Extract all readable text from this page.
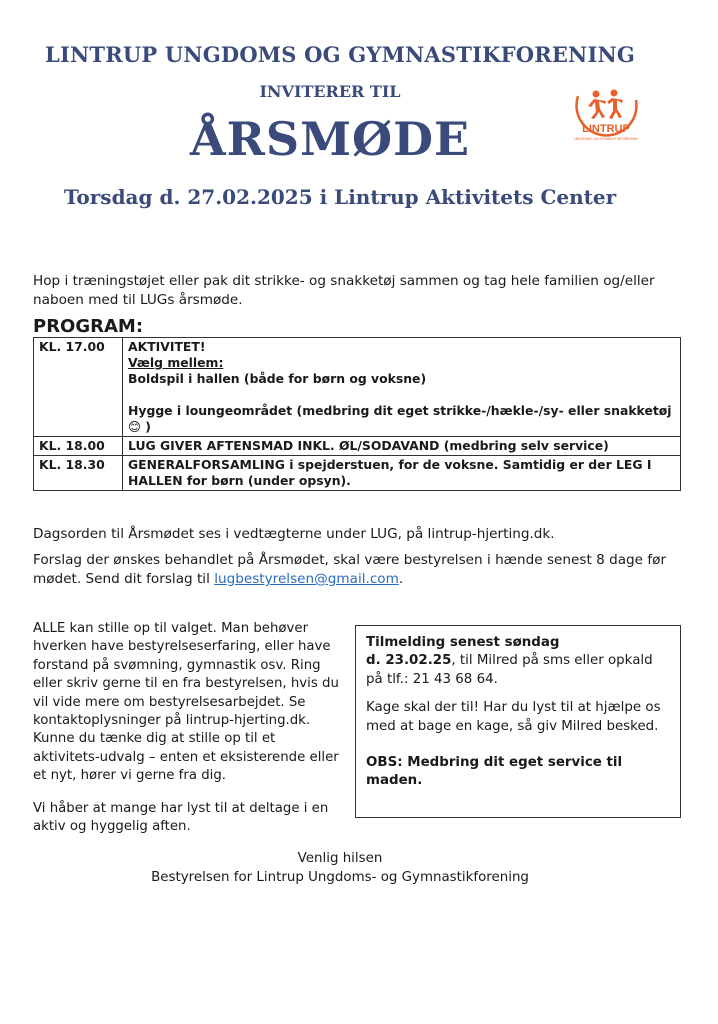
LINTRUP UNGDOMS OG GYMNASTIKFORENING
INVITERER TIL
ÅRSMØDE
Torsdag d. 27.02.2025 i Lintrup Aktivitets Center
LINTRUP
UNGDOMS- OG GYMNASTIKFORENING
Hop i træningstøjet eller pak dit strikke- og snakketøj sammen og tag hele familien og/eller naboen med til LUGs årsmøde.
PROGRAM:
KL. 17.00	AKTIVITET!
Vælg mellem:
Boldspil i hallen (både for børn og voksne)
Hygge i loungeområdet (medbring dit eget strikke-/hækle-/sy- eller snakketøj 😊 )

KL. 18.00	LUG GIVER AFTENSMAD INKL. ØL/SODAVAND (medbring selv service)
KL. 18.30	GENERALFORSAMLING i spejderstuen, for de voksne. Samtidig er der LEG I HALLEN for børn (under opsyn).
Dagsorden til Årsmødet ses i vedtægterne under LUG, på lintrup-hjerting.dk.
Forslag der ønskes behandlet på Årsmødet, skal være bestyrelsen i hænde senest 8 dage før mødet. Send dit forslag til lugbestyrelsen@gmail.com.

ALLE kan stille op til valget. Man behøver hverken have bestyrelseserfaring, eller have forstand på svømning, gymnastik osv. Ring eller skriv gerne til en fra bestyrelsen, hvis du vil vide mere om bestyrelsesarbejdet. Se kontaktoplysninger på lintrup-hjerting.dk.

Kunne du tænke dig at stille op til et aktivitets-udvalg – enten et eksisterende eller et nyt, hører vi gerne fra dig.

Vi håber at mange har lyst til at deltage i en aktiv og hyggelig aften.

Tilmelding senest søndag
d. 23.02.25, til Milred på sms eller opkald på tlf.: 21 43 68 64.
Kage skal der til! Har du lyst til at hjælpe os med at bage en kage, så giv Milred besked.
OBS: Medbring dit eget service til maden.
Venlig hilsen
Bestyrelsen for Lintrup Ungdoms- og Gymnastikforening
